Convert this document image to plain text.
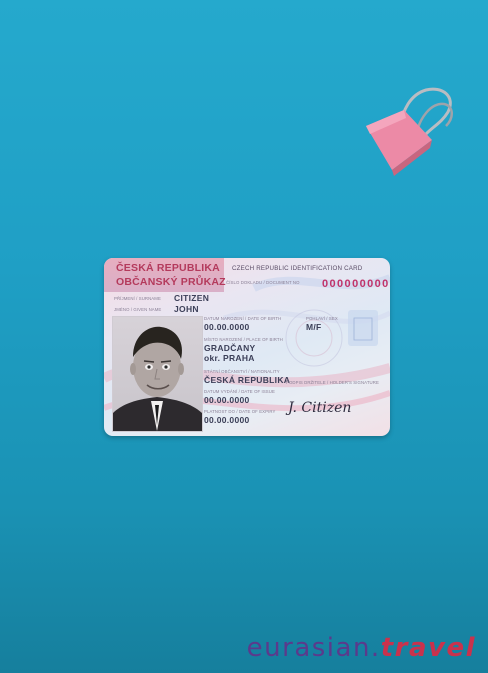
ČESKÁ REPUBLIKA
OBČANSKÝ PRŮKAZ
CZECH REPUBLIC IDENTIFICATION CARD
ČÍSLO DOKLADU / DOCUMENT NO 000000000
PŘÍJMENÍ / SURNAME CITIZEN
JMÉNO / GIVEN NAME JOHN
DATUM NAROZENÍ / DATE OF BIRTH
00.00.0000
POHLAVÍ / SEX
M/F
MÍSTO NAROZENÍ / PLACE OF BIRTH
GRADČANY
okr. PRAHA
STÁTNÍ OBČANSTVÍ / NATIONALITY
ČESKÁ REPUBLIKA
PODPIS DRŽITELE / HOLDER'S SIGNATURE
DATUM VYDÁNÍ / DATE OF ISSUE
00.00.0000
PLATNOST DO / DATE OF EXPIRY
00.00.0000
J. Citizen
eurasian.travel
